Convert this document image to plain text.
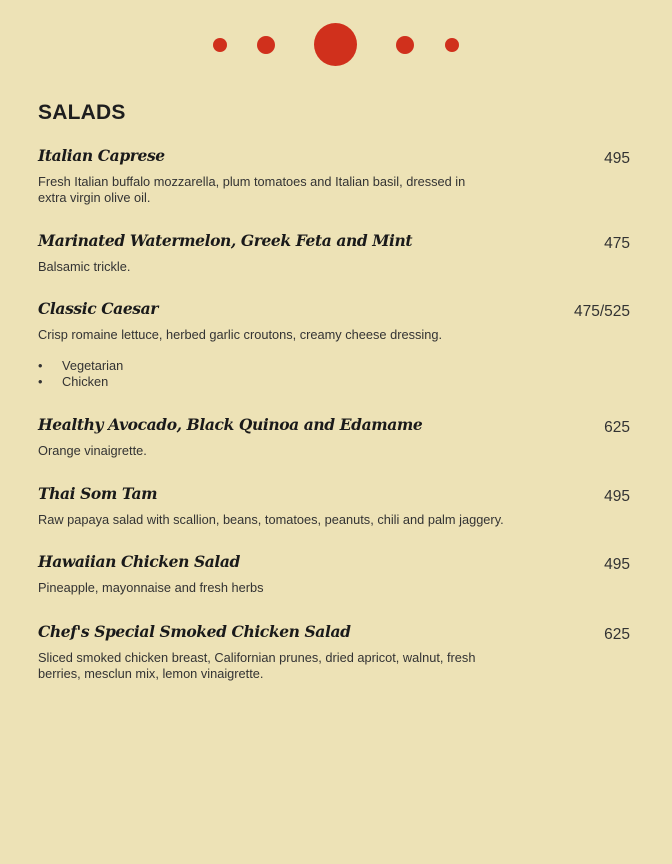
SALADS
Italian Caprese	495
Fresh Italian buffalo mozzarella, plum tomatoes and Italian basil, dressed in extra virgin olive oil.
Marinated Watermelon, Greek Feta and Mint	475
Balsamic trickle.
Classic Caesar	475/525
Crisp romaine lettuce, herbed garlic croutons, creamy cheese dressing.
• Vegetarian
• Chicken
Healthy Avocado, Black Quinoa and Edamame	625
Orange vinaigrette.
Thai Som Tam	495
Raw papaya salad with scallion, beans, tomatoes, peanuts, chili and palm jaggery.
Hawaiian Chicken Salad	495
Pineapple, mayonnaise and fresh herbs
Chef's Special Smoked Chicken Salad	625
Sliced smoked chicken breast, Californian prunes, dried apricot, walnut, fresh berries, mesclun mix, lemon vinaigrette.
